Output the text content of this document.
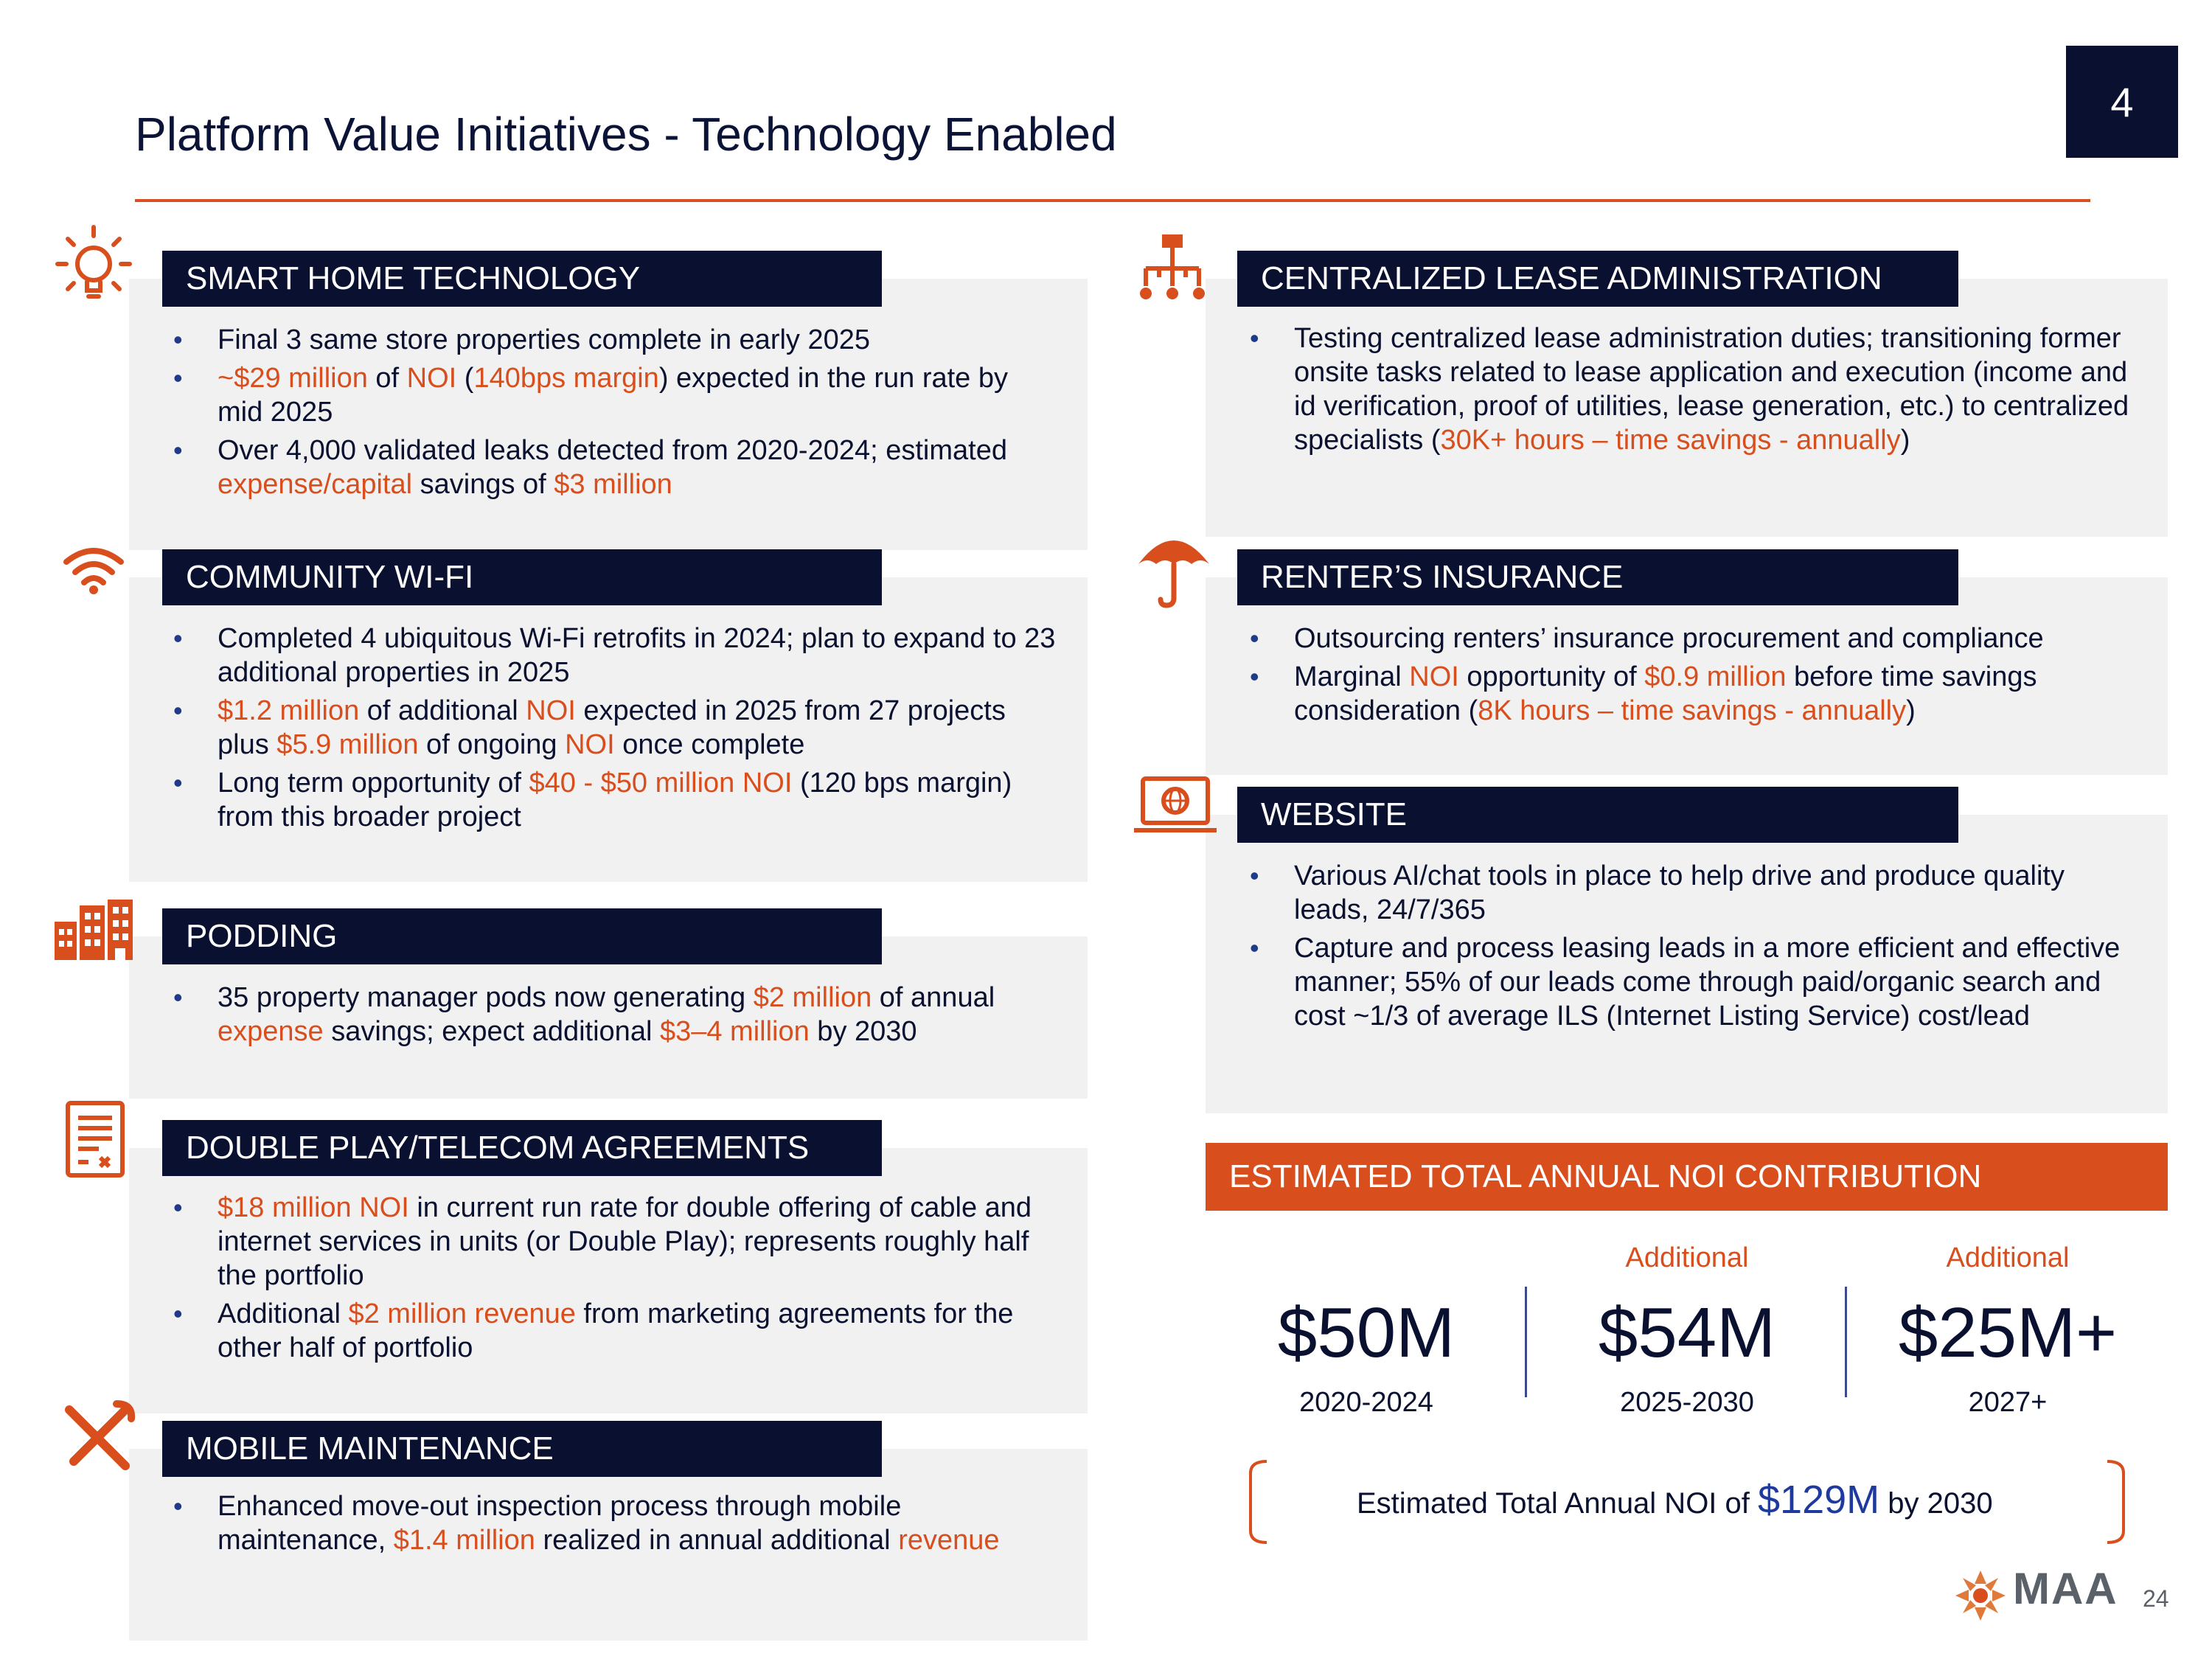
Platform Value Initiatives - Technology Enabled
4
SMART HOME TECHNOLOGY
• Final 3 same store properties complete in early 2025
• ~$29 million of NOI (140bps margin) expected in the run rate by mid 2025
• Over 4,000 validated leaks detected from 2020-2024; estimated expense/capital savings of $3 million
COMMUNITY WI-FI
• Completed 4 ubiquitous Wi-Fi retrofits in 2024; plan to expand to 23 additional properties in 2025
• $1.2 million of additional NOI expected in 2025 from 27 projects plus $5.9 million of ongoing NOI once complete
• Long term opportunity of $40 - $50 million NOI (120 bps margin) from this broader project
PODDING
• 35 property manager pods now generating $2 million of annual expense savings; expect additional $3–4 million by 2030
DOUBLE PLAY/TELECOM AGREEMENTS
• $18 million NOI in current run rate for double offering of cable and internet services in units (or Double Play); represents roughly half the portfolio
• Additional $2 million revenue from marketing agreements for the other half of portfolio
MOBILE MAINTENANCE
• Enhanced move-out inspection process through mobile maintenance, $1.4 million realized in annual additional revenue
CENTRALIZED LEASE ADMINISTRATION
• Testing centralized lease administration duties; transitioning former onsite tasks related to lease application and execution (income and id verification, proof of utilities, lease generation, etc.) to centralized specialists (30K+ hours – time savings - annually)
RENTER’S INSURANCE
• Outsourcing renters’ insurance procurement and compliance
• Marginal NOI opportunity of $0.9 million before time savings consideration (8K hours – time savings - annually)
WEBSITE
• Various AI/chat tools in place to help drive and produce quality leads, 24/7/365
• Capture and process leasing leads in a more efficient and effective manner; 55% of our leads come through paid/organic search and cost ~1/3 of average ILS (Internet Listing Service) cost/lead
ESTIMATED TOTAL ANNUAL NOI CONTRIBUTION
$50M
2020-2024
Additional
$54M
2025-2030
Additional
$25M+
2027+
Estimated Total Annual NOI of $129M by 2030
MAA 24
